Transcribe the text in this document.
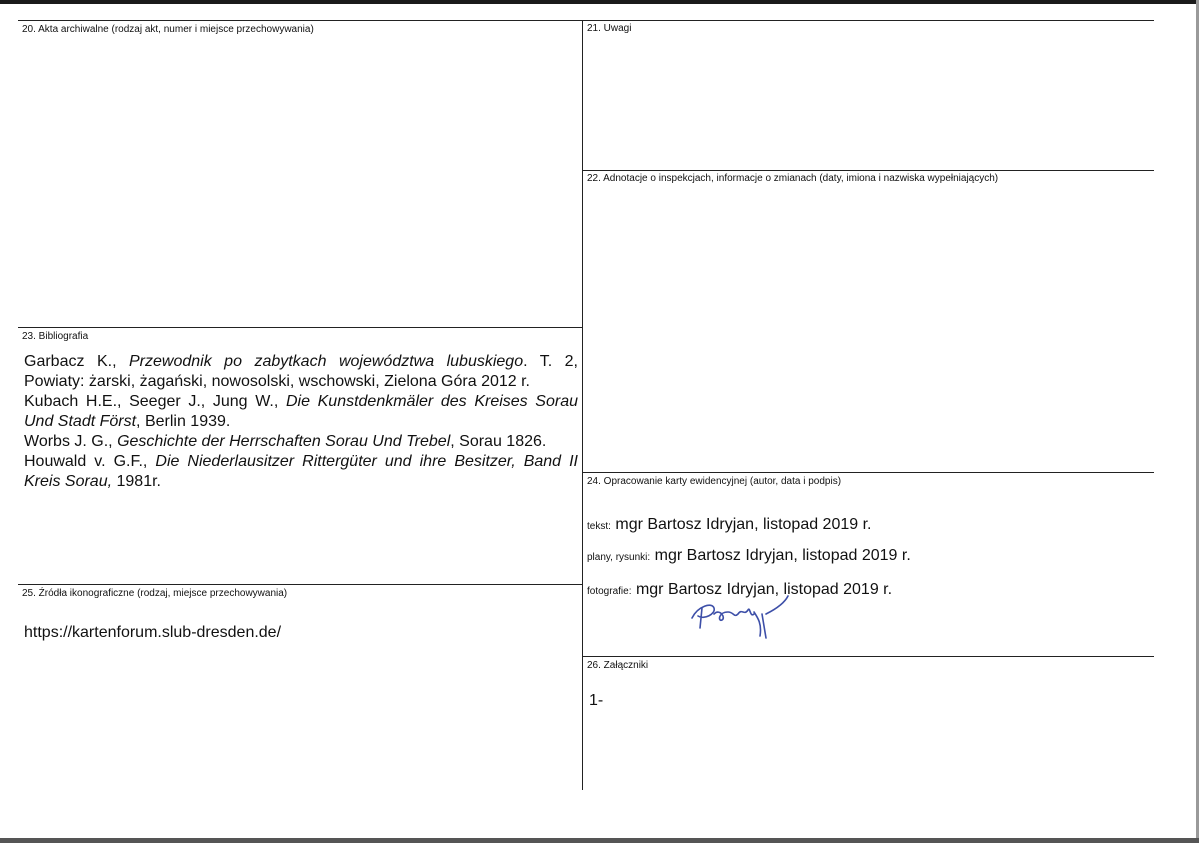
20. Akta archiwalne (rodzaj akt, numer i miejsce przechowywania)	21. Uwagi
22. Adnotacje o inspekcjach, informacje o zmianach (daty, imiona i nazwiska wypełniających)
23. Bibliografia
24. Opracowanie karty ewidencyjnej (autor, data i podpis)
25. Źródła ikonograficzne (rodzaj, miejsce przechowywania)
26. Załączniki

Garbacz K., Przewodnik po zabytkach województwa lubuskiego. T. 2, Powiaty: żarski, żagański, nowosolski, wschowski, Zielona Góra 2012 r.

Kubach H.E., Seeger J., Jung W., Die Kunstdenkmäler des Kreises Sorau Und Stadt Först, Berlin 1939.

Worbs J. G., Geschichte der Herrschaften Sorau Und Trebel, Sorau 1826.

Houwald v. G.F., Die Niederlausitzer Rittergüter und ihre Besitzer, Band II Kreis Sorau, 1981r.

tekst: mgr Bartosz Idryjan, listopad 2019 r.
plany, rysunki: mgr Bartosz Idryjan, listopad 2019 r.
fotografie: mgr Bartosz Idryjan, listopad 2019 r.
https://kartenforum.slub-dresden.de/
1-
